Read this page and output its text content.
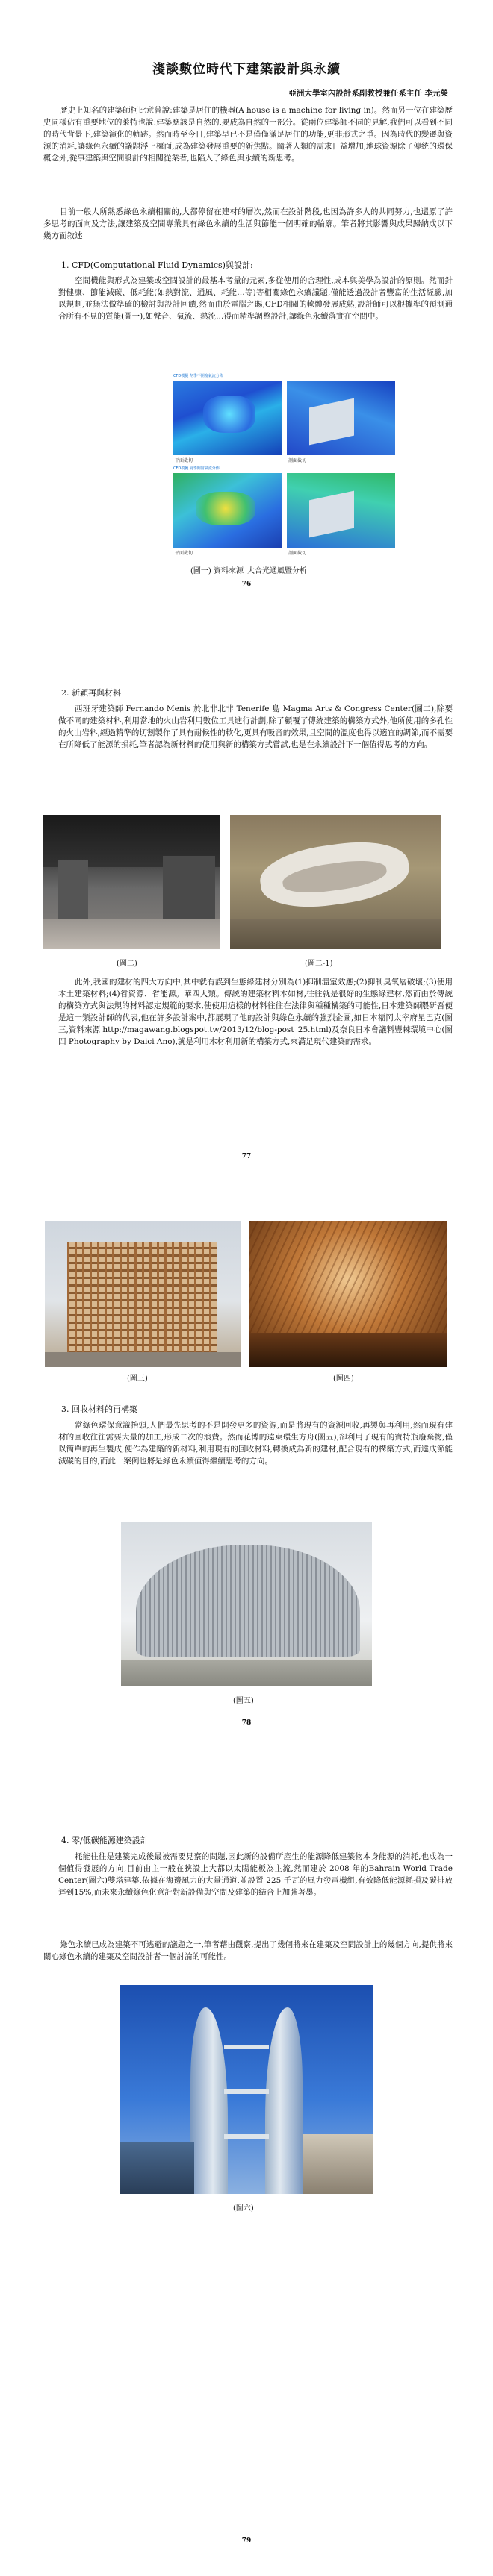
淺談數位時代下建築設計與永續
亞洲大學室內設計系副教授兼任系主任 李元榮
歷史上知名的建築師柯比意曾說:建築是居住的機器(A house is a machine for living in)。然而另一位在建築歷史同樣佔有重要地位的萊特也說:建築應該是自然的,要成為自然的一部分。從兩位建築師不同的見解,我們可以看到不同的時代背景下,建築演化的軌跡。然而時至今日,建築早已不是僅僅滿足居住的功能,更非形式之爭。因為時代的變遷與資源的消耗,讓綠色永續的議題浮上檯面,成為建築發展重要的新焦點。隨著人類的需求日益增加,地球資源除了傳統的環保概念外,從事建築與空間設計的相關從業者,也陷入了綠色與永續的新思考。
目前一般人所熟悉綠色永續相關的,大都停留在建材的層次,然而在設計階段,也因為許多人的共同努力,也還原了許多思考的面向及方法,讓建築及空間專業具有綠色永續的生活與節能一個明確的輪廓。筆者將其影響與成果歸納成以下幾方面敘述
1. CFD(Computational Fluid Dynamics)與設計:
空間機能與形式為建築或空間設計的最基本考量的元素,多從使用的合理性,成本與美學為設計的原則。然而針對健康、節能減碳、低耗能(如熱對流、通風、耗能…等)等相關綠色永續議題,僅能透過設計者豐富的生活經驗,加以規劃,並無法做準確的檢討與設計回饋,然而由於電腦之賜,CFD相關的軟體發展成熟,設計師可以根據準的預測通合所有不見的質能(圖一),如聲音、氣流、熱流…得而精準調整設計,讓綠色永續落實在空間中。
CFD模擬 冬季不開窗氣流分佈
平面截切	剖面截切
CFD模擬 夏季開窗氣流分佈
平面截切	剖面截切
(圖一) 資料來源_大合光通風暨分析
76
2. 新穎再與材料
西班牙建築師 Fernando Menis 於北非北非 Tenerife 島 Magma Arts & Congress Center(圖二),除要做不同的建築材料,利用當地的火山岩利用數位工具進行計劃,除了顧覆了傳統建築的構築方式外,他所使用的多孔性的火山岩料,經過精準的切割製作了具有耐候性的軟化,更具有吸音的效果,且空間的溫度也得以適宜的調節,而不需要在所降低了能源的損耗,筆者認為新材料的使用與新的構築方式嘗試,也是在永續設計下一個值得思考的方向。
(圖二)	(圖二-1)
此外,我國的建材的四大方向中,其中就有誤到生態綠建材分別為(1)抑制溫室效應;(2)抑制臭氧層破壞;(3)使用本土建築材料;(4)省資源、省能源。華四大類。傳統的建築材料本如材,往往就是很好的生態綠建材,然而由於傳統的構築方式與法規的材料認定規範的要求,使使用這樣的材料往往在法律與種種構築的可能性,日本建築師隈研吾便是這一類設計師的代表,他在許多設計案中,都展現了他的設計與綠色永續的強烈企圖,如日本福岡太宰府星巴克(圖三,資料來源 http://magawang.blogspot.tw/2013/12/blog-post_25.html)及奈良日本會議料豐棘環境中心(圖四 Photography by Daici Ano),就是利用木材利用新的構築方式,來滿足現代建築的需求。
77
(圖三)	(圖四)
3. 回收材料的再構築
當綠色環保意識抬頭,人們最先思考的不是開發更多的資源,而是將現有的資源回收,再製與再利用,然而現有建材的回收往往需要大量的加工,形成二次的浪費。然而花博的遠東環生方舟(圖五),卻利用了現有的寶特瓶廢棄物,僅以簡單的再生製成,便作為建築的新材料,利用現有的回收材料,轉換成為新的建材,配合現有的構築方式,而達成節能減碳的目的,而此一案例也將是綠色永續值得繼續思考的方向。
(圖五)
78
4. 零/低碳能源建築設計
耗能往往是建築完成後最被需要見察的問題,因此新的設備所產生的能源降低建築物本身能源的消耗,也成為一個值得發展的方向,目前由主一般在狹設上大都以太陽能板為主流,然而建於 2008 年的Bahrain World Trade Center(圖六)雙塔建築,依據在海邊風力的大量通道,並設置 225 千瓦的風力發電機組,有效降低能源耗損及碳排放達到15%,而未來永續綠色化意計對新設備與空間及建築的結合上加強著墨。
綠色永續已成為建築不可逃避的議題之一,筆者藉由觀察,提出了幾個將來在建築及空間設計上的幾個方向,提供將來關心綠色永續的建築及空間設計者一個討論的可能性。
(圖六)
79
